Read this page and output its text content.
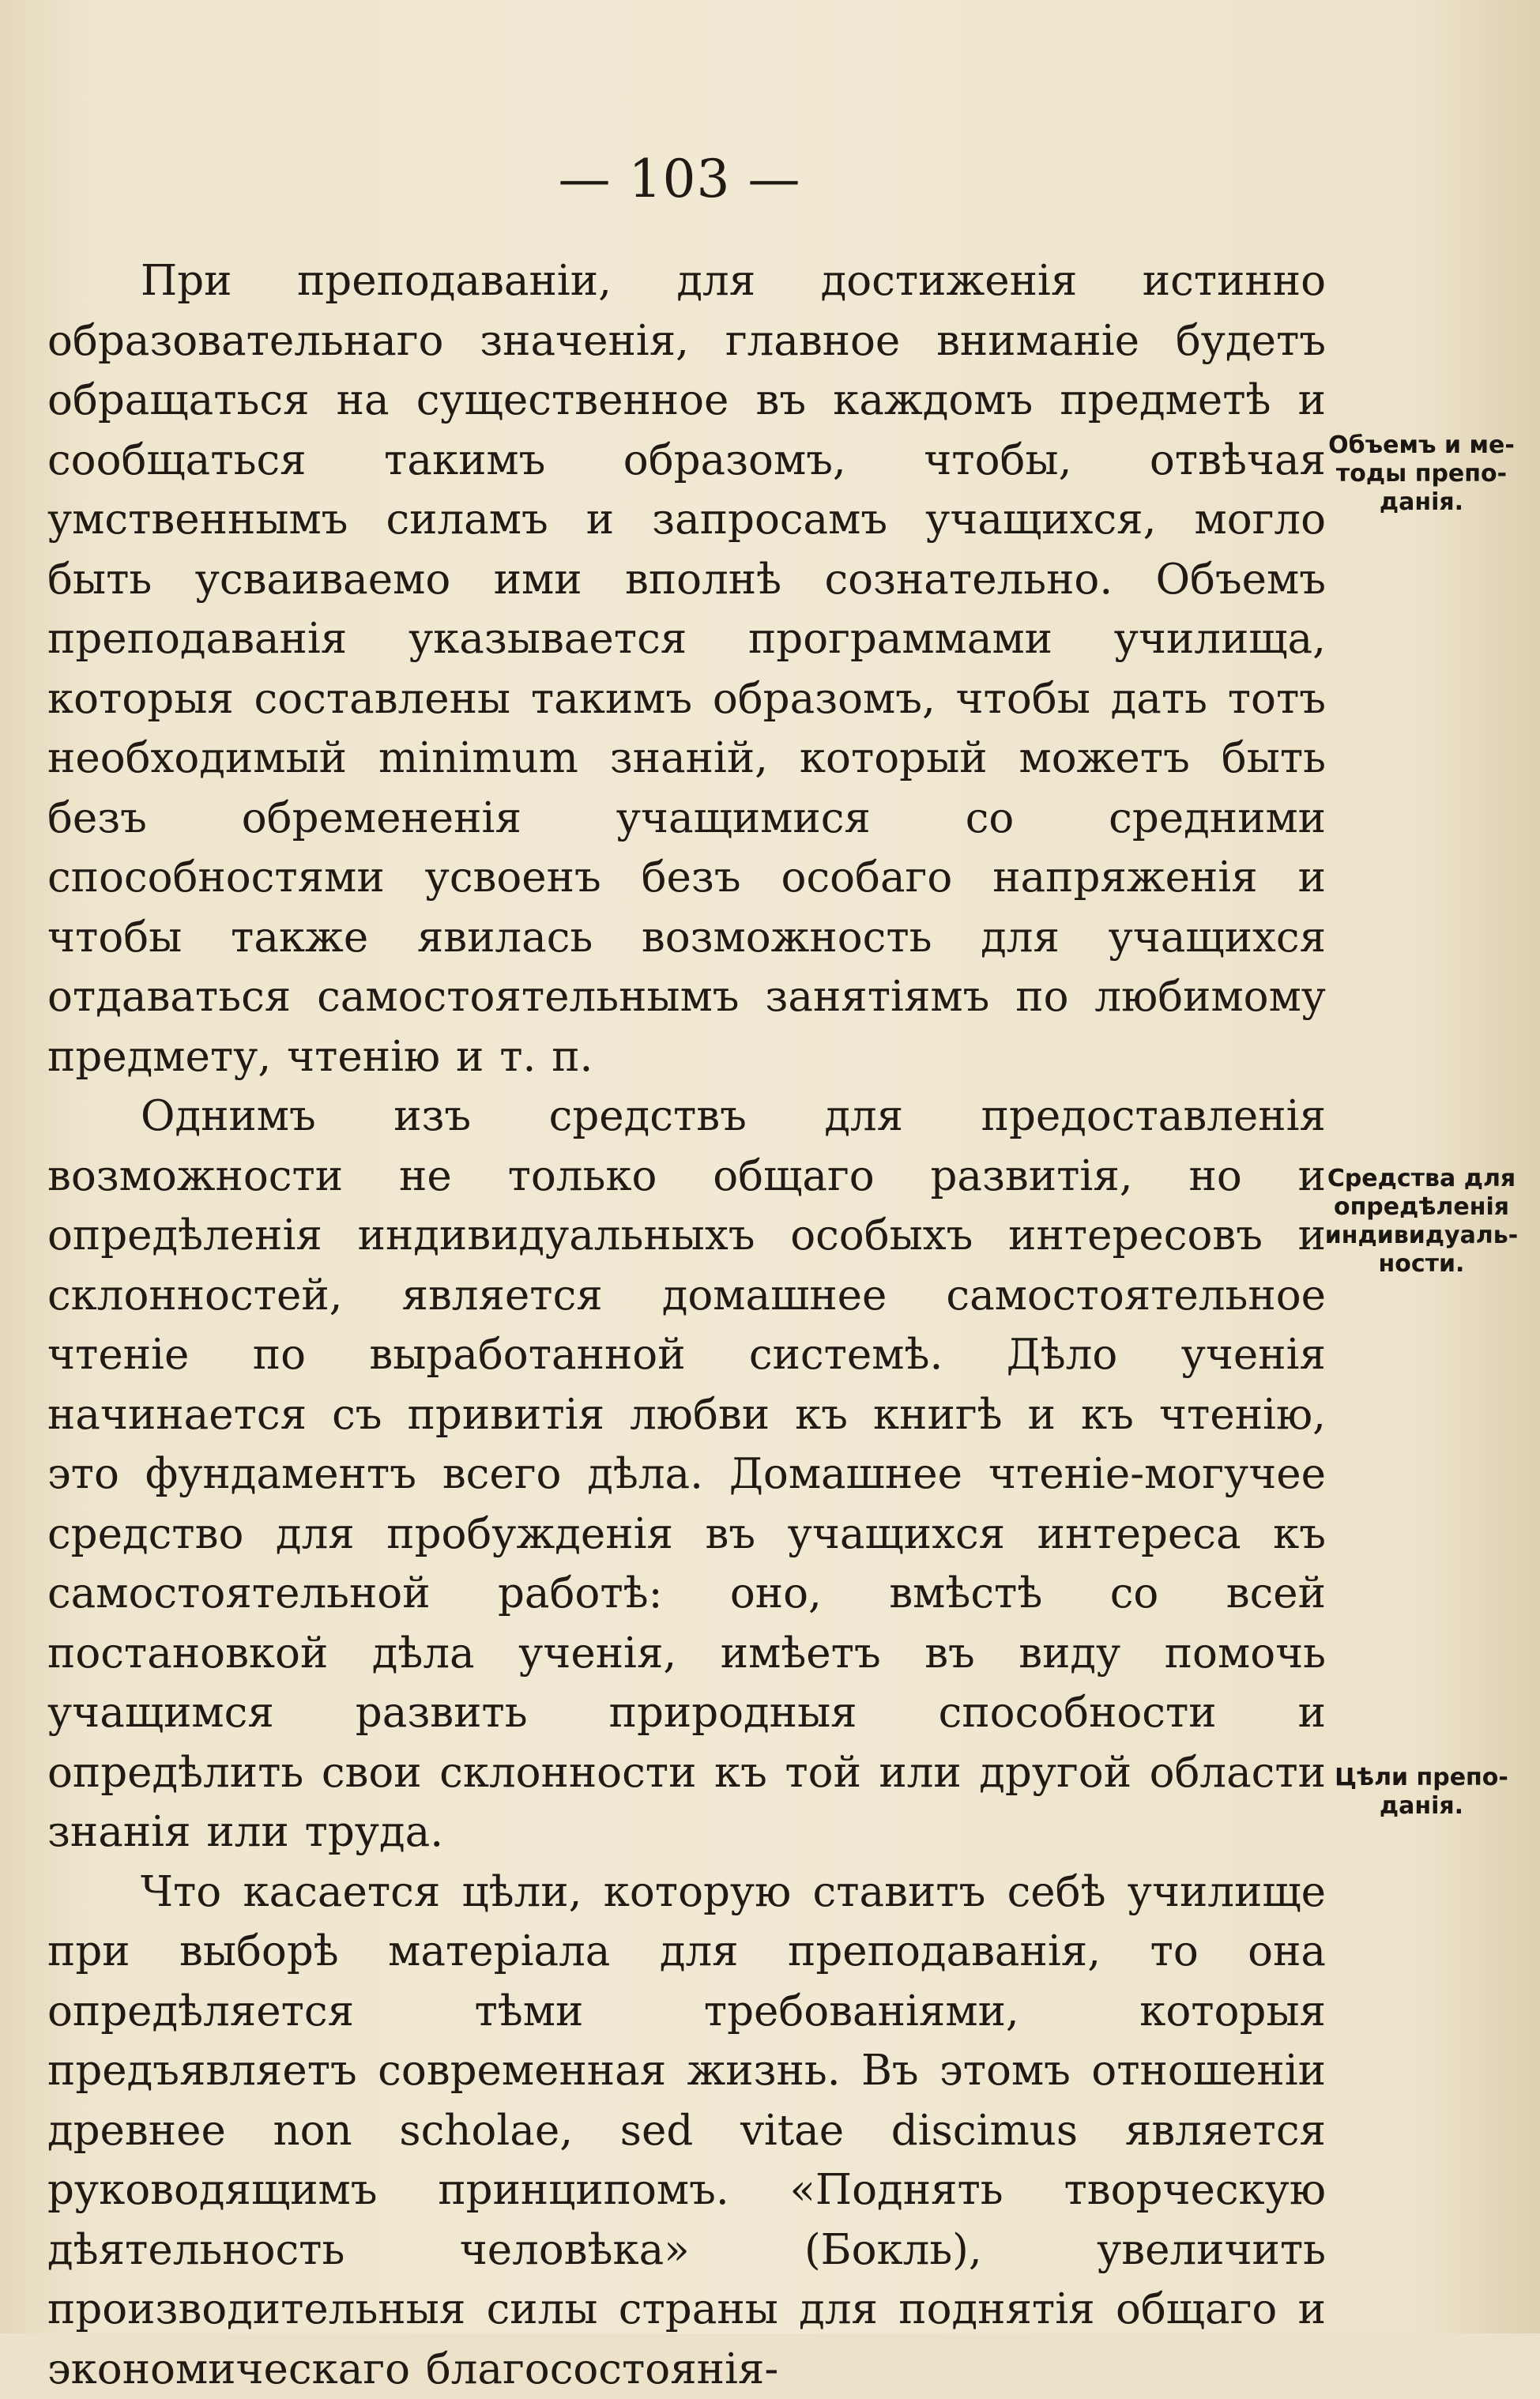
— 103 —

При преподаваніи, для достиженія истинно образовательнаго значенія, главное вниманіе будетъ обращаться на существенное въ каждомъ предметѣ и сообщаться такимъ образомъ, чтобы, отвѣчая умственнымъ силамъ и запросамъ учащихся, могло быть усваиваемо ими вполнѣ сознательно. Объемъ преподаванія указывается программами училища, которыя составлены такимъ образомъ, чтобы дать тотъ необходимый minimum знаній, который можетъ быть безъ обремененія учащимися со средними способностями усвоенъ безъ особаго напряженія и чтобы также явилась возможность для учащихся отдаваться самостоятельнымъ занятіямъ по любимому предмету, чтенію и т. п.

Однимъ изъ средствъ для предоставленія возможности не только общаго развитія, но и опредѣленія индивидуальныхъ особыхъ интересовъ и склонностей, является домашнее самостоятельное чтеніе по выработанной системѣ. Дѣло ученія начинается съ привитія любви къ книгѣ и къ чтенію, это фундаментъ всего дѣла. Домашнее чтеніе-могучее средство для пробужденія въ учащихся интереса къ самостоятельной работѣ: оно, вмѣстѣ со всей постановкой дѣла ученія, имѣетъ въ виду помочь учащимся развить природныя способности и опредѣлить свои склонности къ той или другой области знанія или труда.

Что касается цѣли, которую ставитъ себѣ училище при выборѣ матеріала для преподаванія, то она опредѣляется тѣми требованіями, которыя предъявляетъ современная жизнь. Въ этомъ отношеніи древнее non scholae, sed vitae discimus является руководящимъ принципомъ. «Поднять творческую дѣятельность человѣка» (Бокль), увеличить производительныя силы страны для поднятія общаго и экономическаго благосостоянія-

Объемъ и ме-
тоды препо-
данія.
Средства для
опредѣленія
индивидуаль-
ности.
Цѣли препо-
данія.
